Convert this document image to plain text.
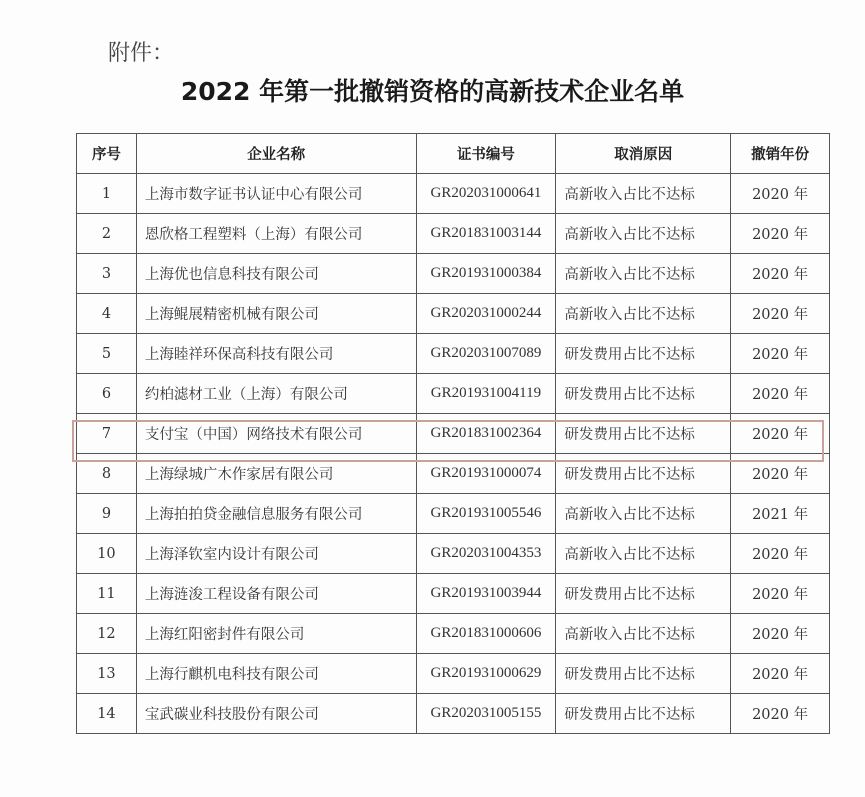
附件：
2022 年第一批撤销资格的高新技术企业名单
序号	企业名称	证书编号	取消原因	撤销年份
1	上海市数字证书认证中心有限公司	GR202031000641	高新收入占比不达标	2020 年
2	恩欣格工程塑料（上海）有限公司	GR201831003144	高新收入占比不达标	2020 年
3	上海优也信息科技有限公司	GR201931000384	高新收入占比不达标	2020 年
4	上海鲲展精密机械有限公司	GR202031000244	高新收入占比不达标	2020 年
5	上海睦祥环保高科技有限公司	GR202031007089	研发费用占比不达标	2020 年
6	约柏滤材工业（上海）有限公司	GR201931004119	研发费用占比不达标	2020 年
7	支付宝（中国）网络技术有限公司	GR201831002364	研发费用占比不达标	2020 年
8	上海绿城广木作家居有限公司	GR201931000074	研发费用占比不达标	2020 年
9	上海拍拍贷金融信息服务有限公司	GR201931005546	高新收入占比不达标	2021 年
10	上海泽钦室内设计有限公司	GR202031004353	高新收入占比不达标	2020 年
11	上海涟浚工程设备有限公司	GR201931003944	研发费用占比不达标	2020 年
12	上海红阳密封件有限公司	GR201831000606	高新收入占比不达标	2020 年
13	上海行麒机电科技有限公司	GR201931000629	研发费用占比不达标	2020 年
14	宝武碳业科技股份有限公司	GR202031005155	研发费用占比不达标	2020 年
